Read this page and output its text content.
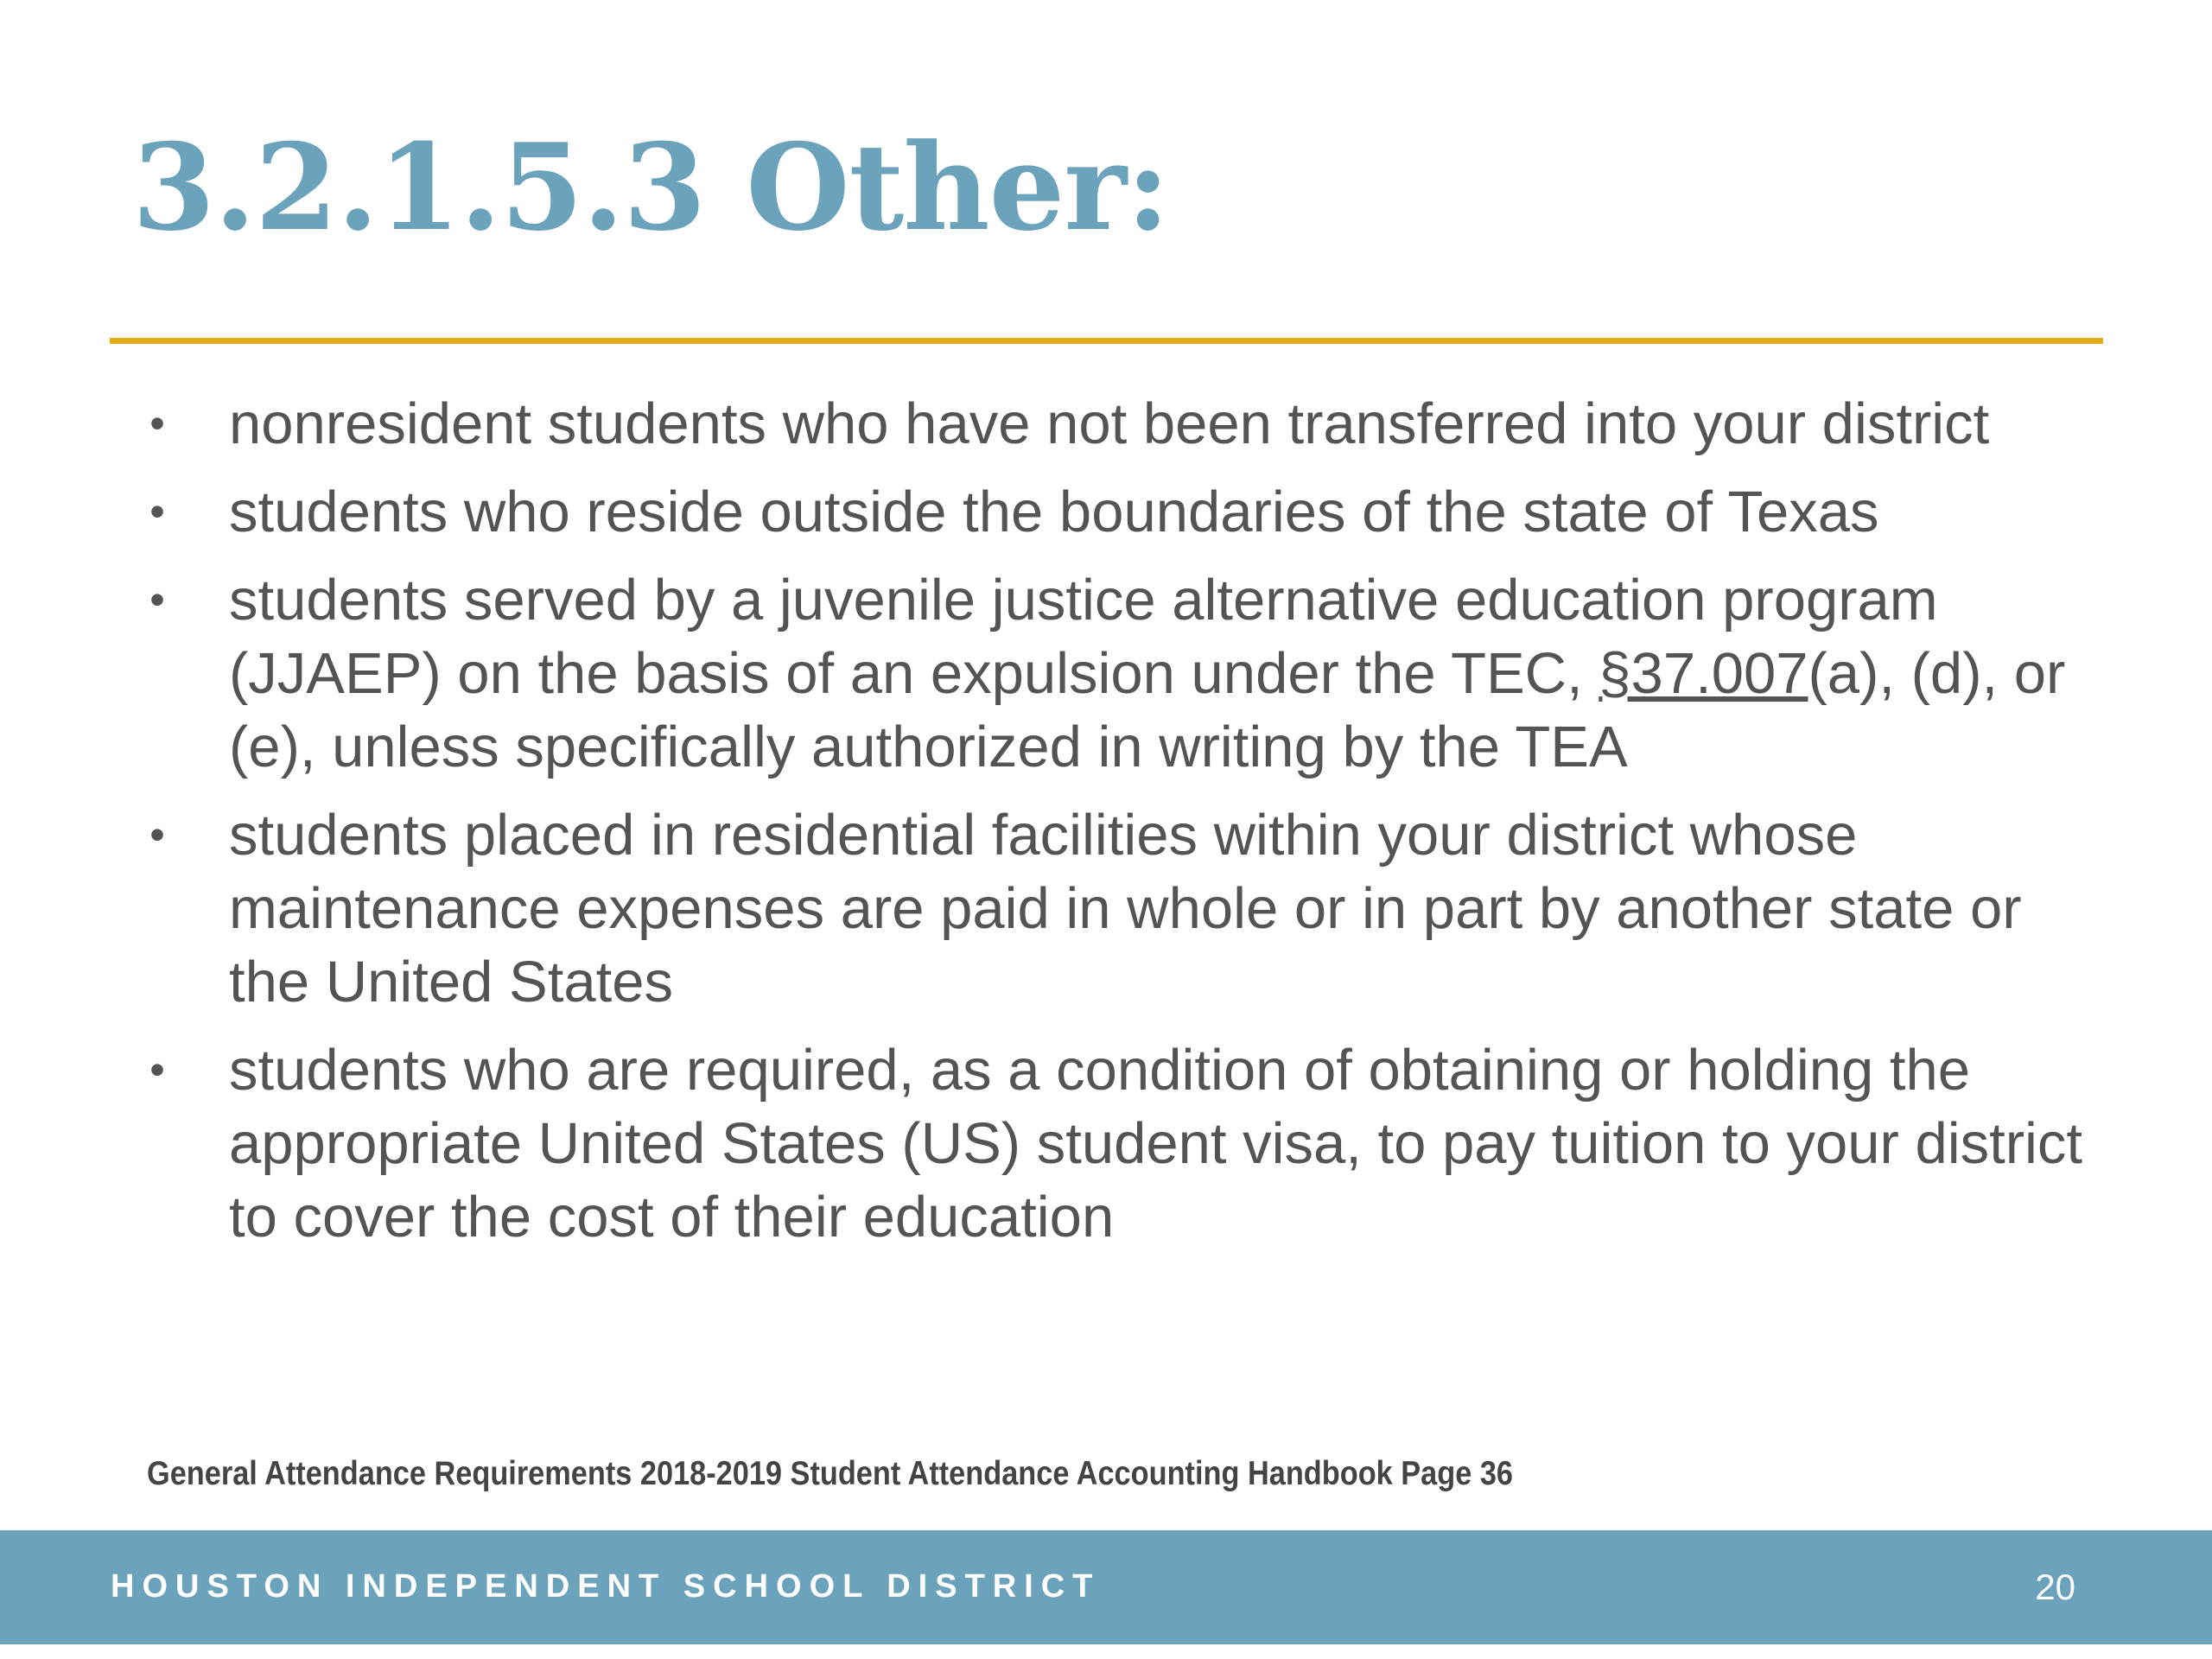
3.2.1.5.3 Other:
• nonresident students who have not been transferred into your district
• students who reside outside the boundaries of the state of Texas
• students served by a juvenile justice alternative education program (JJAEP) on the basis of an expulsion under the TEC, §37.007(a), (d), or (e), unless specifically authorized in writing by the TEA
• students placed in residential facilities within your district whose maintenance expenses are paid in whole or in part by another state or the United States
• students who are required, as a condition of obtaining or holding the appropriate United States (US) student visa, to pay tuition to your district to cover the cost of their education

General Attendance Requirements 2018-2019 Student Attendance Accounting Handbook Page 36

HOUSTON INDEPENDENT SCHOOL DISTRICT	20
